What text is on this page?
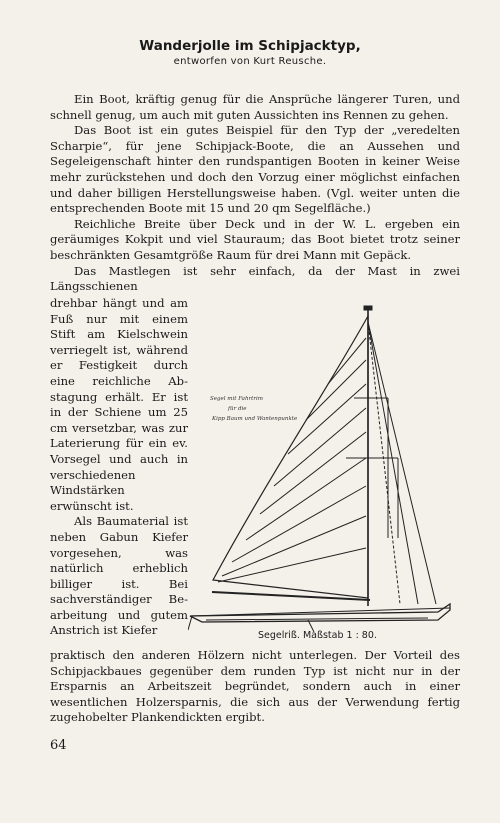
Wanderjolle im Schipjacktyp,
entworfen von Kurt Reusche.

Ein Boot, kräftig genug für die Ansprüche längerer Turen, und schnell genug, um auch mit guten Aussichten ins Rennen zu gehen.

Das Boot ist ein gutes Beispiel für den Typ der „veredelten Scharpie“, für jene Schipjack-Boote, die an Aussehen und Segeleigenschaft hinter den rundspantigen Booten in keiner Weise mehr zurückstehen und doch den Vorzug einer möglichst einfachen und daher billigen Herstellungsweise haben. (Vgl. weiter unten die entsprechenden Boote mit 15 und 20 qm Segelfläche.)

Reichliche Breite über Deck und in der W. L. ergeben ein geräumiges Kokpit und viel Stauraum; das Boot bietet trotz seiner beschränkten Gesamtgröße Raum für drei Mann mit Gepäck.

Das Mastlegen ist sehr einfach, da der Mast in zwei Längsschienen

drehbar hängt und am Fuß nur mit einem Stift am Kielschwein verriegelt ist, während er Festigkeit durch eine reichliche Abstagung erhält. Er ist in der Schiene um 25 cm versetzbar, was zur Laterierung für ein ev. Vorsegel und auch in verschiedenen Windstärken erwünscht ist.

Als Baumaterial ist neben Gabun Kiefer vorgesehen, was natürlich erheblich billiger ist. Bei sachverständiger Bearbeitung und gutem Anstrich ist Kiefer

Segel mit Fahrtrim
für die
Kipp Baum und Wantenpunkte
Segelriß. Maßstab 1 : 80.

praktisch den anderen Hölzern nicht unterlegen. Der Vorteil des Schipjackbaues gegenüber dem runden Typ ist nicht nur in der Ersparnis an Arbeitszeit begründet, sondern auch in einer wesentlichen Holzersparnis, die sich aus der Verwendung fertig zugehobelter Plankendickten ergibt.

64
